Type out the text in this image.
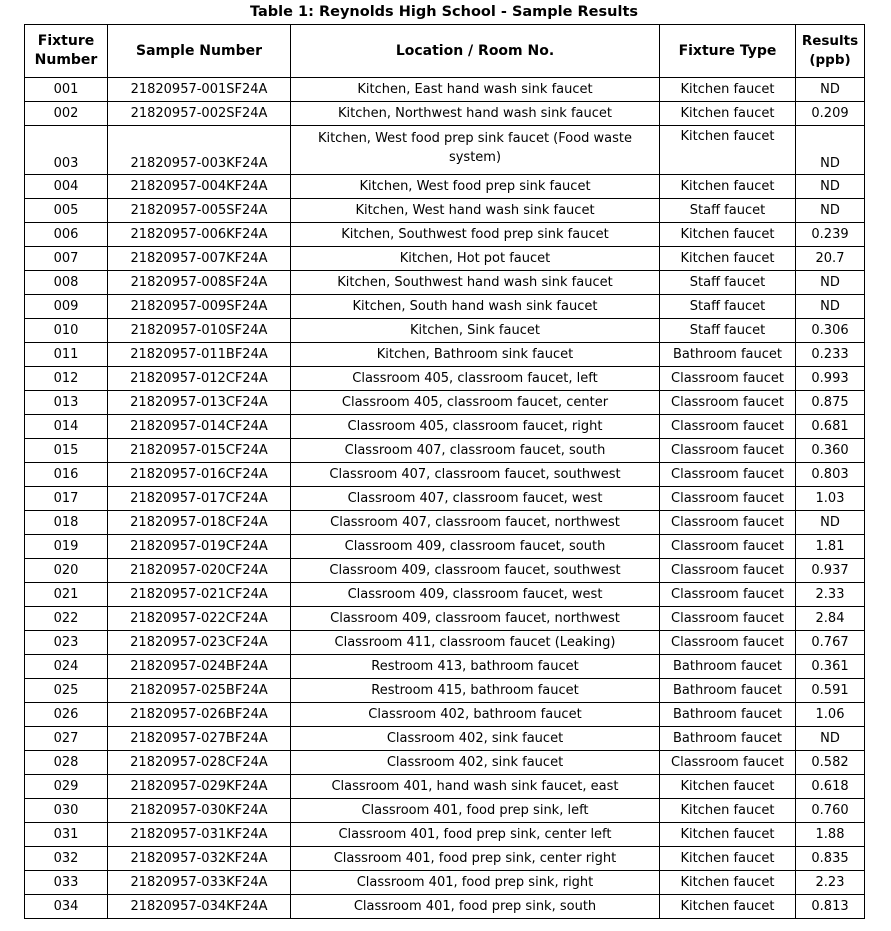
Table 1: Reynolds High School - Sample Results
Fixture Number	Sample Number	Location / Room No.	Fixture Type	Results (ppb)
001	21820957-001SF24A	Kitchen, East hand wash sink faucet	Kitchen faucet	ND
002	21820957-002SF24A	Kitchen, Northwest hand wash sink faucet	Kitchen faucet	0.209
003	21820957-003KF24A	Kitchen, West food prep sink faucet (Food waste system)	Kitchen faucet	ND
004	21820957-004KF24A	Kitchen, West food prep sink faucet	Kitchen faucet	ND
005	21820957-005SF24A	Kitchen, West hand wash sink faucet	Staff faucet	ND
006	21820957-006KF24A	Kitchen, Southwest food prep sink faucet	Kitchen faucet	0.239
007	21820957-007KF24A	Kitchen, Hot pot faucet	Kitchen faucet	20.7
008	21820957-008SF24A	Kitchen, Southwest hand wash sink faucet	Staff faucet	ND
009	21820957-009SF24A	Kitchen, South hand wash sink faucet	Staff faucet	ND
010	21820957-010SF24A	Kitchen, Sink faucet	Staff faucet	0.306
011	21820957-011BF24A	Kitchen, Bathroom sink faucet	Bathroom faucet	0.233
012	21820957-012CF24A	Classroom 405, classroom faucet, left	Classroom faucet	0.993
013	21820957-013CF24A	Classroom 405, classroom faucet, center	Classroom faucet	0.875
014	21820957-014CF24A	Classroom 405, classroom faucet, right	Classroom faucet	0.681
015	21820957-015CF24A	Classroom 407, classroom faucet, south	Classroom faucet	0.360
016	21820957-016CF24A	Classroom 407, classroom faucet, southwest	Classroom faucet	0.803
017	21820957-017CF24A	Classroom 407, classroom faucet, west	Classroom faucet	1.03
018	21820957-018CF24A	Classroom 407, classroom faucet, northwest	Classroom faucet	ND
019	21820957-019CF24A	Classroom 409, classroom faucet, south	Classroom faucet	1.81
020	21820957-020CF24A	Classroom 409, classroom faucet, southwest	Classroom faucet	0.937
021	21820957-021CF24A	Classroom 409, classroom faucet, west	Classroom faucet	2.33
022	21820957-022CF24A	Classroom 409, classroom faucet, northwest	Classroom faucet	2.84
023	21820957-023CF24A	Classroom 411, classroom faucet (Leaking)	Classroom faucet	0.767
024	21820957-024BF24A	Restroom 413, bathroom faucet	Bathroom faucet	0.361
025	21820957-025BF24A	Restroom 415, bathroom faucet	Bathroom faucet	0.591
026	21820957-026BF24A	Classroom 402, bathroom faucet	Bathroom faucet	1.06
027	21820957-027BF24A	Classroom 402, sink faucet	Bathroom faucet	ND
028	21820957-028CF24A	Classroom 402, sink faucet	Classroom faucet	0.582
029	21820957-029KF24A	Classroom 401, hand wash sink faucet, east	Kitchen faucet	0.618
030	21820957-030KF24A	Classroom 401, food prep sink, left	Kitchen faucet	0.760
031	21820957-031KF24A	Classroom 401, food prep sink, center left	Kitchen faucet	1.88
032	21820957-032KF24A	Classroom 401, food prep sink, center right	Kitchen faucet	0.835
033	21820957-033KF24A	Classroom 401, food prep sink, right	Kitchen faucet	2.23
034	21820957-034KF24A	Classroom 401, food prep sink, south	Kitchen faucet	0.813
